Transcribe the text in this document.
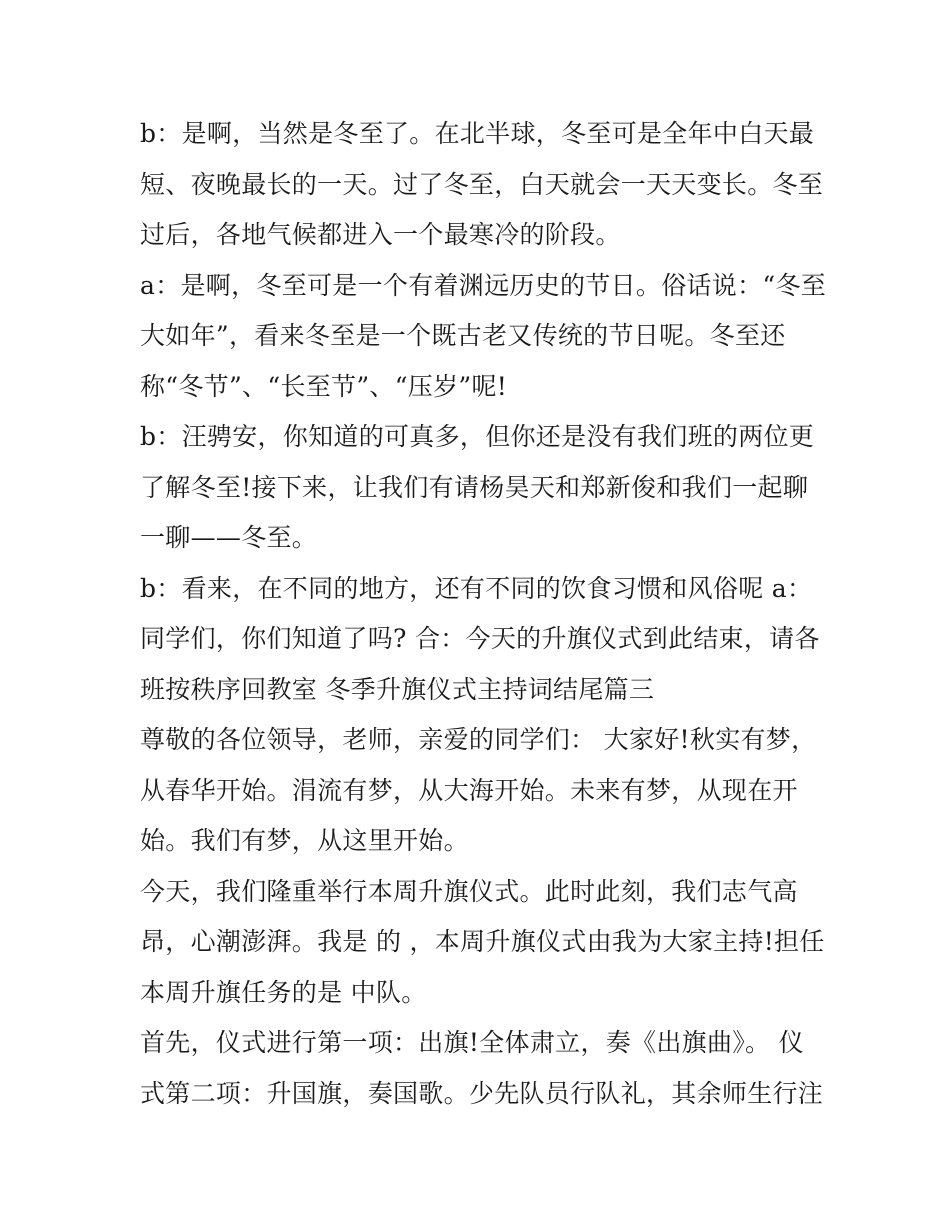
b：是啊，当然是冬至了。在北半球，冬至可是全年中白天最
短、夜晚最长的一天。过了冬至，白天就会一天天变长。冬至
过后，各地气候都进入一个最寒冷的阶段。
a：是啊，冬至可是一个有着渊远历史的节日。俗话说：“冬至
大如年”，看来冬至是一个既古老又传统的节日呢。冬至还
称“冬节”、“长至节”、“压岁”呢!
b：汪骋安，你知道的可真多，但你还是没有我们班的两位更
了解冬至!接下来，让我们有请杨昊天和郑新俊和我们一起聊
一聊——冬至。
b：看来，在不同的地方，还有不同的饮食习惯和风俗呢 a：
同学们，你们知道了吗? 合：今天的升旗仪式到此结束，请各
班按秩序回教室 冬季升旗仪式主持词结尾篇三
尊敬的各位领导，老师，亲爱的同学们： 大家好!秋实有梦，
从春华开始。涓流有梦，从大海开始。未来有梦，从现在开
始。我们有梦，从这里开始。
今天，我们隆重举行本周升旗仪式。此时此刻，我们志气高
昂，心潮澎湃。我是 的 ，本周升旗仪式由我为大家主持!担任
本周升旗任务的是 中队。
首先，仪式进行第一项：出旗!全体肃立，奏《出旗曲》。 仪
式第二项：升国旗，奏国歌。少先队员行队礼，其余师生行注
